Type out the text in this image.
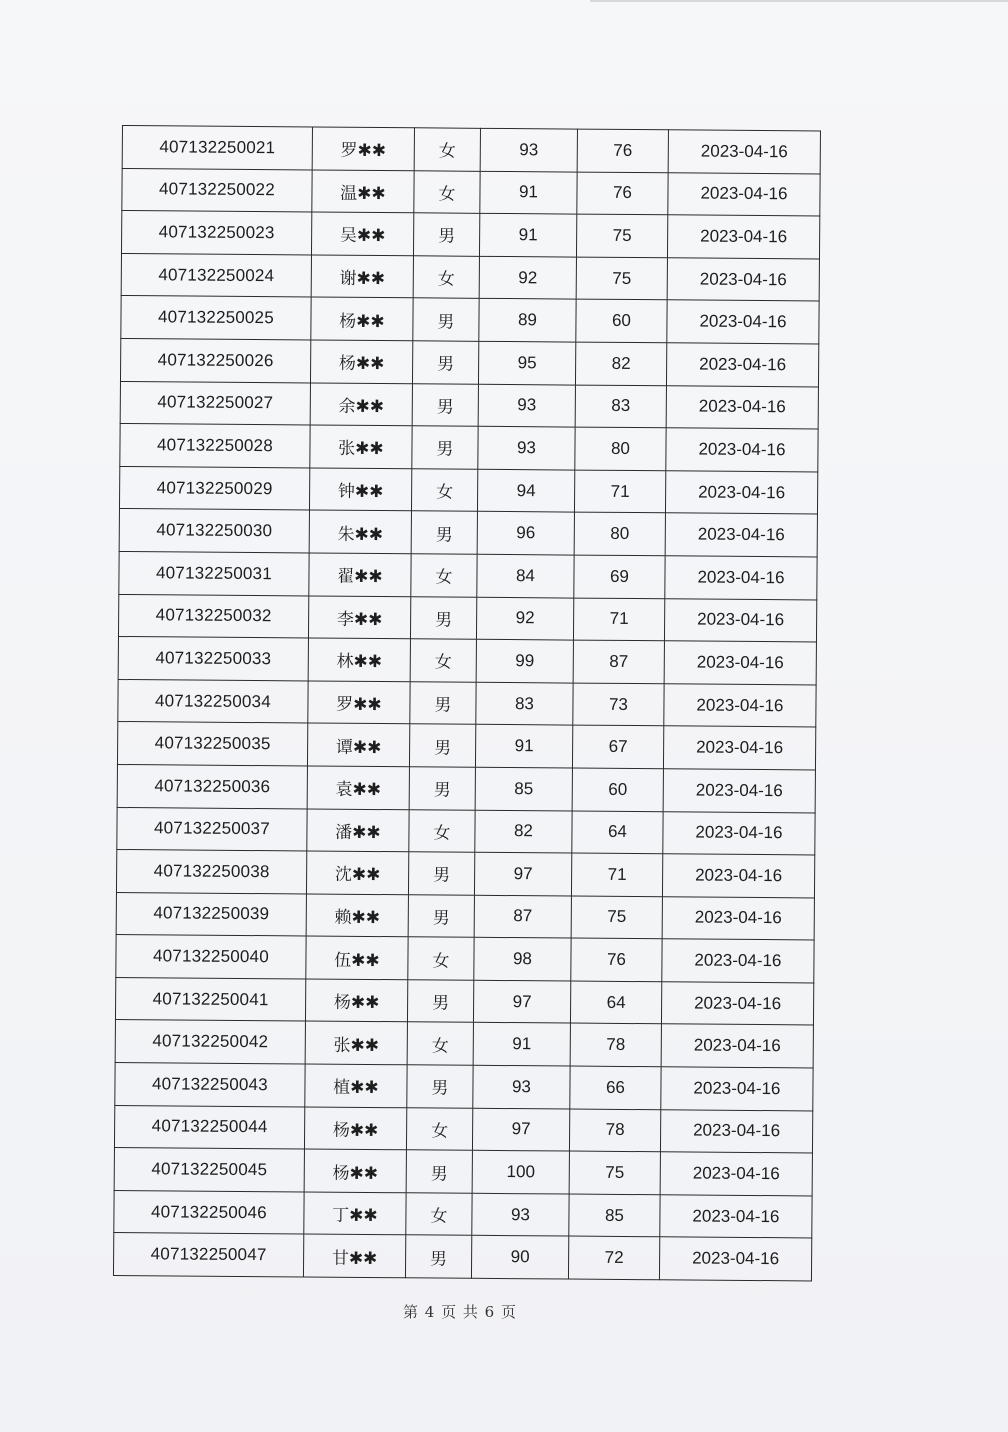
407132250021	罗✱✱	女	93	76	2023-04-16
407132250022	温✱✱	女	91	76	2023-04-16
407132250023	吴✱✱	男	91	75	2023-04-16
407132250024	谢✱✱	女	92	75	2023-04-16
407132250025	杨✱✱	男	89	60	2023-04-16
407132250026	杨✱✱	男	95	82	2023-04-16
407132250027	余✱✱	男	93	83	2023-04-16
407132250028	张✱✱	男	93	80	2023-04-16
407132250029	钟✱✱	女	94	71	2023-04-16
407132250030	朱✱✱	男	96	80	2023-04-16
407132250031	翟✱✱	女	84	69	2023-04-16
407132250032	李✱✱	男	92	71	2023-04-16
407132250033	林✱✱	女	99	87	2023-04-16
407132250034	罗✱✱	男	83	73	2023-04-16
407132250035	谭✱✱	男	91	67	2023-04-16
407132250036	袁✱✱	男	85	60	2023-04-16
407132250037	潘✱✱	女	82	64	2023-04-16
407132250038	沈✱✱	男	97	71	2023-04-16
407132250039	赖✱✱	男	87	75	2023-04-16
407132250040	伍✱✱	女	98	76	2023-04-16
407132250041	杨✱✱	男	97	64	2023-04-16
407132250042	张✱✱	女	91	78	2023-04-16
407132250043	植✱✱	男	93	66	2023-04-16
407132250044	杨✱✱	女	97	78	2023-04-16
407132250045	杨✱✱	男	100	75	2023-04-16
407132250046	丁✱✱	女	93	85	2023-04-16
407132250047	甘✱✱	男	90	72	2023-04-16
第 4 页 共 6 页
